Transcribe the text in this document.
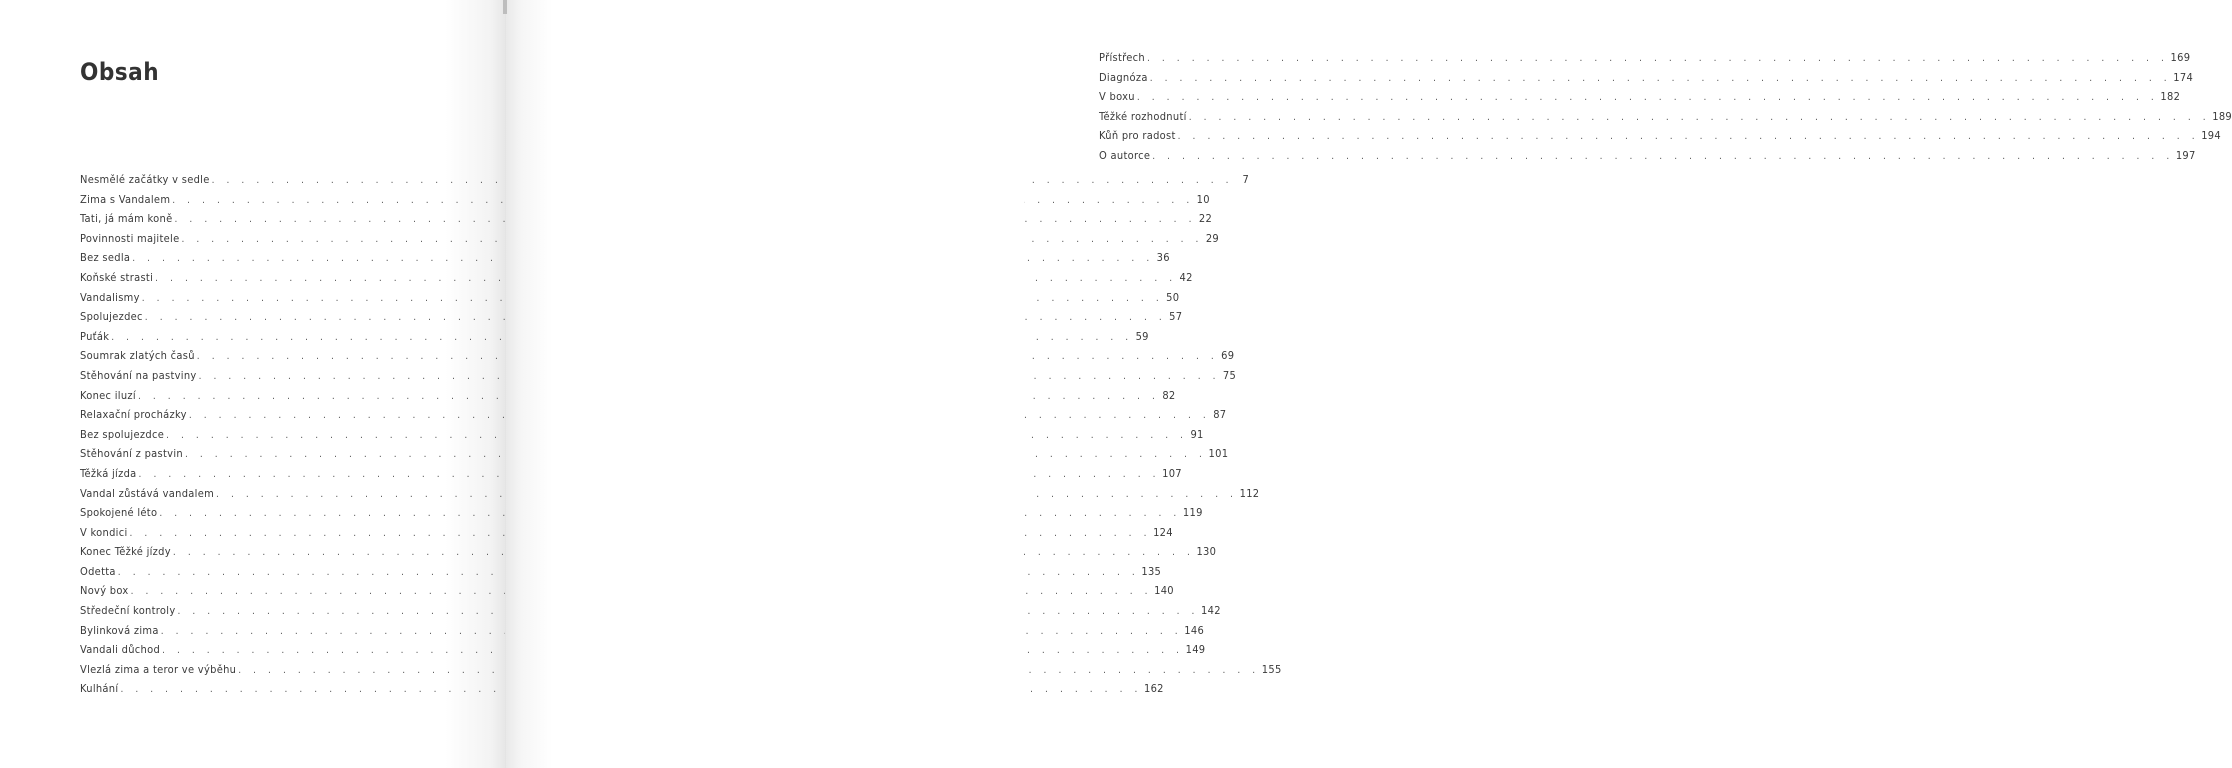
Obsah
Nesmělé začátky v sedle . . .	7
Zima s Vandalem . . .	10
Tati, já mám koně . . .	22
Povinnosti majitele . . .	29
Bez sedla . . .	36
Koňské strasti . . .	42
Vandalismy . . .	50
Spolujezdec . . .	57
Puťák . . .	59
Soumrak zlatých časů . . .	69
Stěhování na pastviny . . .	75
Konec iluzí . . .	82
Relaxační procházky . . .	87
Bez spolujezdce . . .	91
Stěhování z pastvin . . .	101
Těžká jízda . . .	107
Vandal zůstává vandalem . . .	112
Spokojené léto . . .	119
V kondici . . .	124
Konec Těžké jízdy . . .	130
Odetta . . .	135
Nový box . . .	140
Středeční kontroly . . .	142
Bylinková zima . . .	146
Vandali důchod . . .	149
Vlezlá zima a teror ve výběhu . . .	155
Kulhání . . .	162
Přístřech . . .	169
Diagnóza . . .	174
V boxu . . .	182
Těžké rozhodnutí . . .	189
Kůň pro radost . . .	194
O autorce . . .	197
